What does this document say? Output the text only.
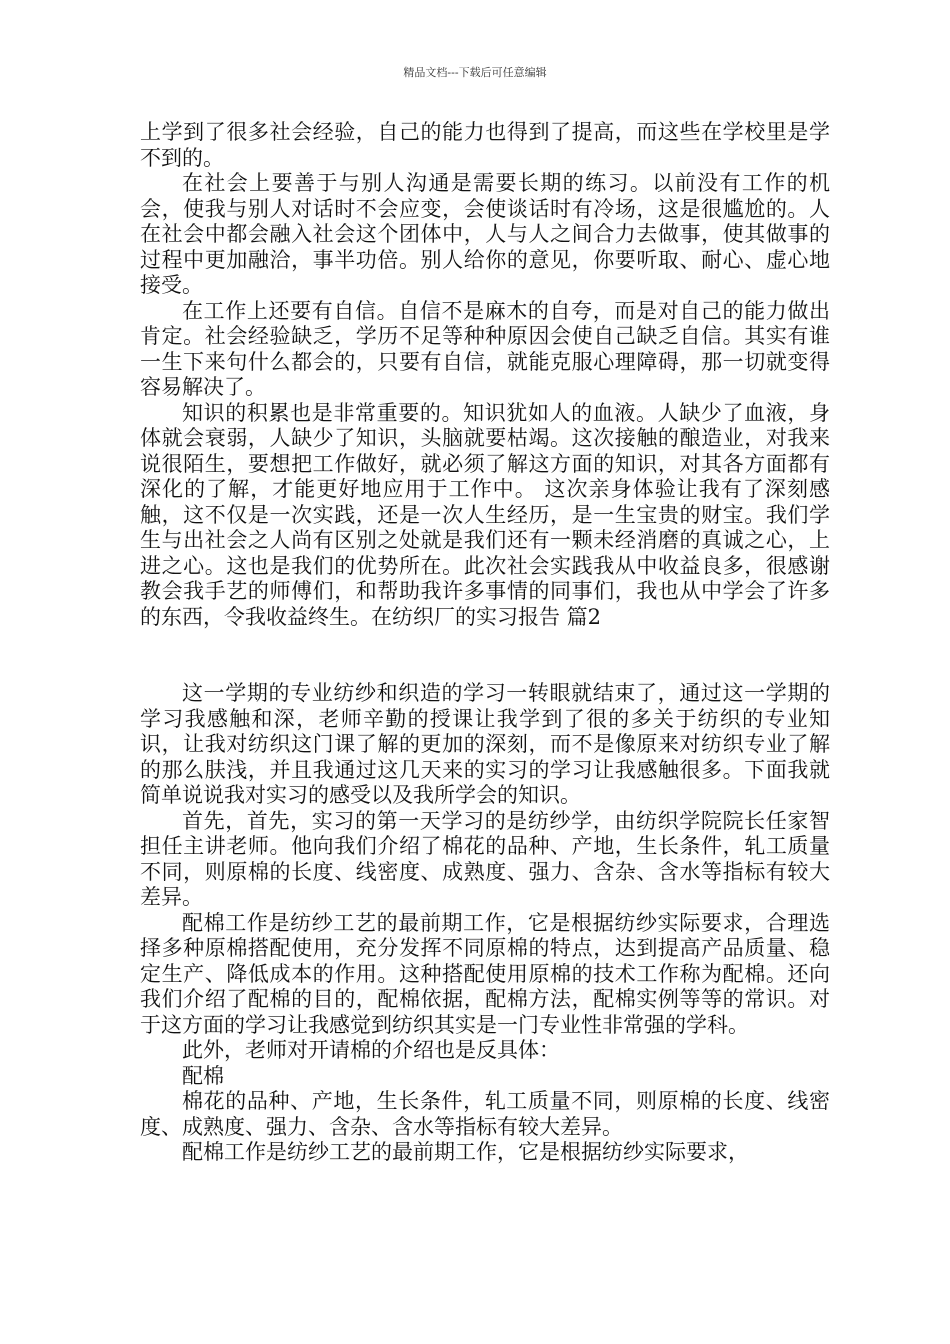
精品文档---下载后可任意编辑

上学到了很多社会经验，自己的能力也得到了提高，而这些在学校里是学不到的。

在社会上要善于与别人沟通是需要长期的练习。以前没有工作的机会，使我与别人对话时不会应变，会使谈话时有冷场，这是很尴尬的。人在社会中都会融入社会这个团体中，人与人之间合力去做事，使其做事的过程中更加融洽，事半功倍。别人给你的意见，你要听取、耐心、虚心地接受。

在工作上还要有自信。自信不是麻木的自夸，而是对自己的能力做出肯定。社会经验缺乏，学历不足等种种原因会使自己缺乏自信。其实有谁一生下来句什么都会的，只要有自信，就能克服心理障碍，那一切就变得容易解决了。

知识的积累也是非常重要的。知识犹如人的血液。人缺少了血液，身体就会衰弱，人缺少了知识，头脑就要枯竭。这次接触的酿造业，对我来说很陌生，要想把工作做好，就必须了解这方面的知识，对其各方面都有深化的了解，才能更好地应用于工作中。 这次亲身体验让我有了深刻感触，这不仅是一次实践，还是一次人生经历，是一生宝贵的财宝。我们学生与出社会之人尚有区别之处就是我们还有一颗未经消磨的真诚之心，上进之心。这也是我们的优势所在。此次社会实践我从中收益良多，很感谢教会我手艺的师傅们，和帮助我许多事情的同事们，我也从中学会了许多的东西，令我收益终生。在纺织厂的实习报告 篇2

这一学期的专业纺纱和织造的学习一转眼就结束了，通过这一学期的学习我感触和深，老师辛勤的授课让我学到了很的多关于纺织的专业知识，让我对纺织这门课了解的更加的深刻，而不是像原来对纺织专业了解的那么肤浅，并且我通过这几天来的实习的学习让我感触很多。下面我就简单说说我对实习的感受以及我所学会的知识。

首先，首先，实习的第一天学习的是纺纱学，由纺织学院院长任家智担任主讲老师。他向我们介绍了棉花的品种、产地，生长条件，轧工质量不同，则原棉的长度、线密度、成熟度、强力、含杂、含水等指标有较大差异。

配棉工作是纺纱工艺的最前期工作，它是根据纺纱实际要求，合理选择多种原棉搭配使用，充分发挥不同原棉的特点，达到提高产品质量、稳定生产、降低成本的作用。这种搭配使用原棉的技术工作称为配棉。还向我们介绍了配棉的目的，配棉依据，配棉方法，配棉实例等等的常识。对于这方面的学习让我感觉到纺织其实是一门专业性非常强的学科。

此外，老师对开请棉的介绍也是反具体：

配棉

棉花的品种、产地，生长条件，轧工质量不同，则原棉的长度、线密度、成熟度、强力、含杂、含水等指标有较大差异。

配棉工作是纺纱工艺的最前期工作，它是根据纺纱实际要求，
